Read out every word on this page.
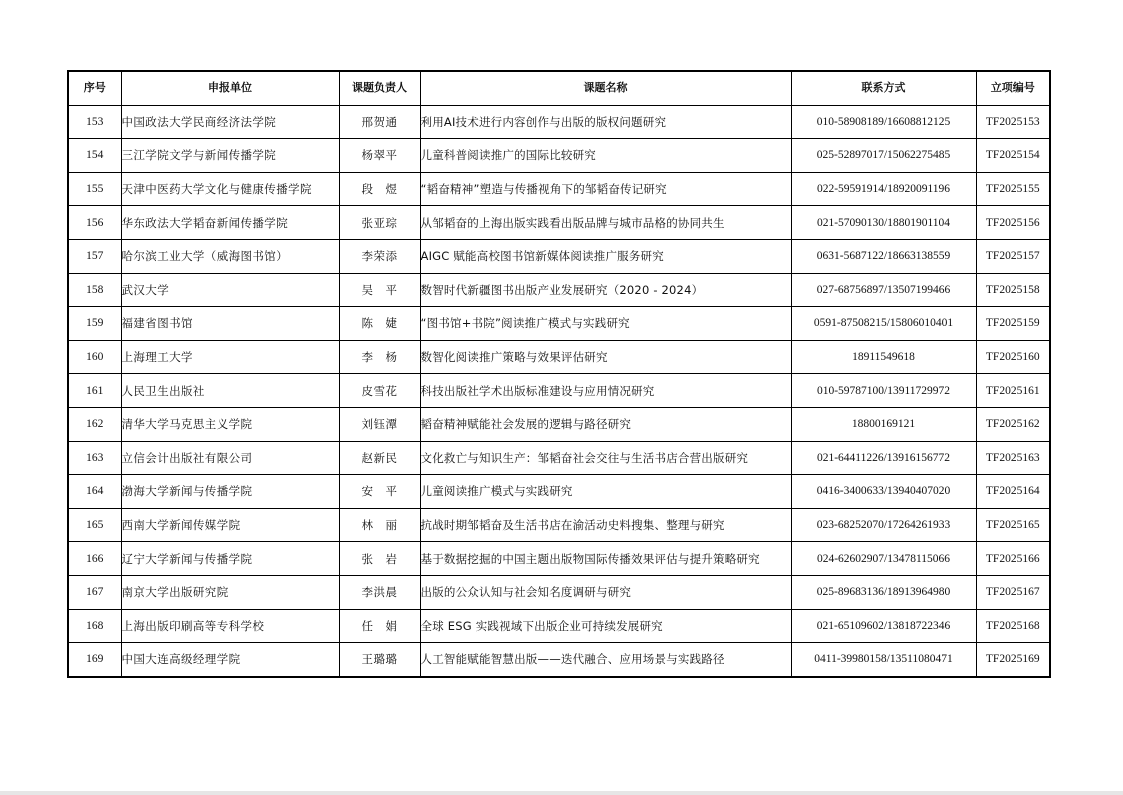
序号	申报单位	课题负责人	课题名称	联系方式	立项编号
153	中国政法大学民商经济法学院	邢贺通	利用AI技术进行内容创作与出版的版权问题研究	010-58908189/16608812125	TF2025153
154	三江学院文学与新闻传播学院	杨翠平	儿童科普阅读推广的国际比较研究	025-52897017/15062275485	TF2025154
155	天津中医药大学文化与健康传播学院	段　煜	“韬奋精神”塑造与传播视角下的邹韬奋传记研究	022-59591914/18920091196	TF2025155
156	华东政法大学韬奋新闻传播学院	张亚琮	从邹韬奋的上海出版实践看出版品牌与城市品格的协同共生	021-57090130/18801901104	TF2025156
157	哈尔滨工业大学（威海图书馆）	李荣添	AIGC 赋能高校图书馆新媒体阅读推广服务研究	0631-5687122/18663138559	TF2025157
158	武汉大学	吴　平	数智时代新疆图书出版产业发展研究（2020 - 2024）	027-68756897/13507199466	TF2025158
159	福建省图书馆	陈　婕	“图书馆+书院”阅读推广模式与实践研究	0591-87508215/15806010401	TF2025159
160	上海理工大学	李　杨	数智化阅读推广策略与效果评估研究	18911549618	TF2025160
161	人民卫生出版社	皮雪花	科技出版社学术出版标准建设与应用情况研究	010-59787100/13911729972	TF2025161
162	清华大学马克思主义学院	刘钰潭	韬奋精神赋能社会发展的逻辑与路径研究	18800169121	TF2025162
163	立信会计出版社有限公司	赵新民	文化救亡与知识生产：邹韬奋社会交往与生活书店合营出版研究	021-64411226/13916156772	TF2025163
164	渤海大学新闻与传播学院	安　平	儿童阅读推广模式与实践研究	0416-3400633/13940407020	TF2025164
165	西南大学新闻传媒学院	林　丽	抗战时期邹韬奋及生活书店在渝活动史料搜集、整理与研究	023-68252070/17264261933	TF2025165
166	辽宁大学新闻与传播学院	张　岩	基于数据挖掘的中国主题出版物国际传播效果评估与提升策略研究	024-62602907/13478115066	TF2025166
167	南京大学出版研究院	李洪晨	出版的公众认知与社会知名度调研与研究	025-89683136/18913964980	TF2025167
168	上海出版印刷高等专科学校	任　娟	全球 ESG 实践视域下出版企业可持续发展研究	021-65109602/13818722346	TF2025168
169	中国大连高级经理学院	王璐璐	人工智能赋能智慧出版——迭代融合、应用场景与实践路径	0411-39980158/13511080471	TF2025169
